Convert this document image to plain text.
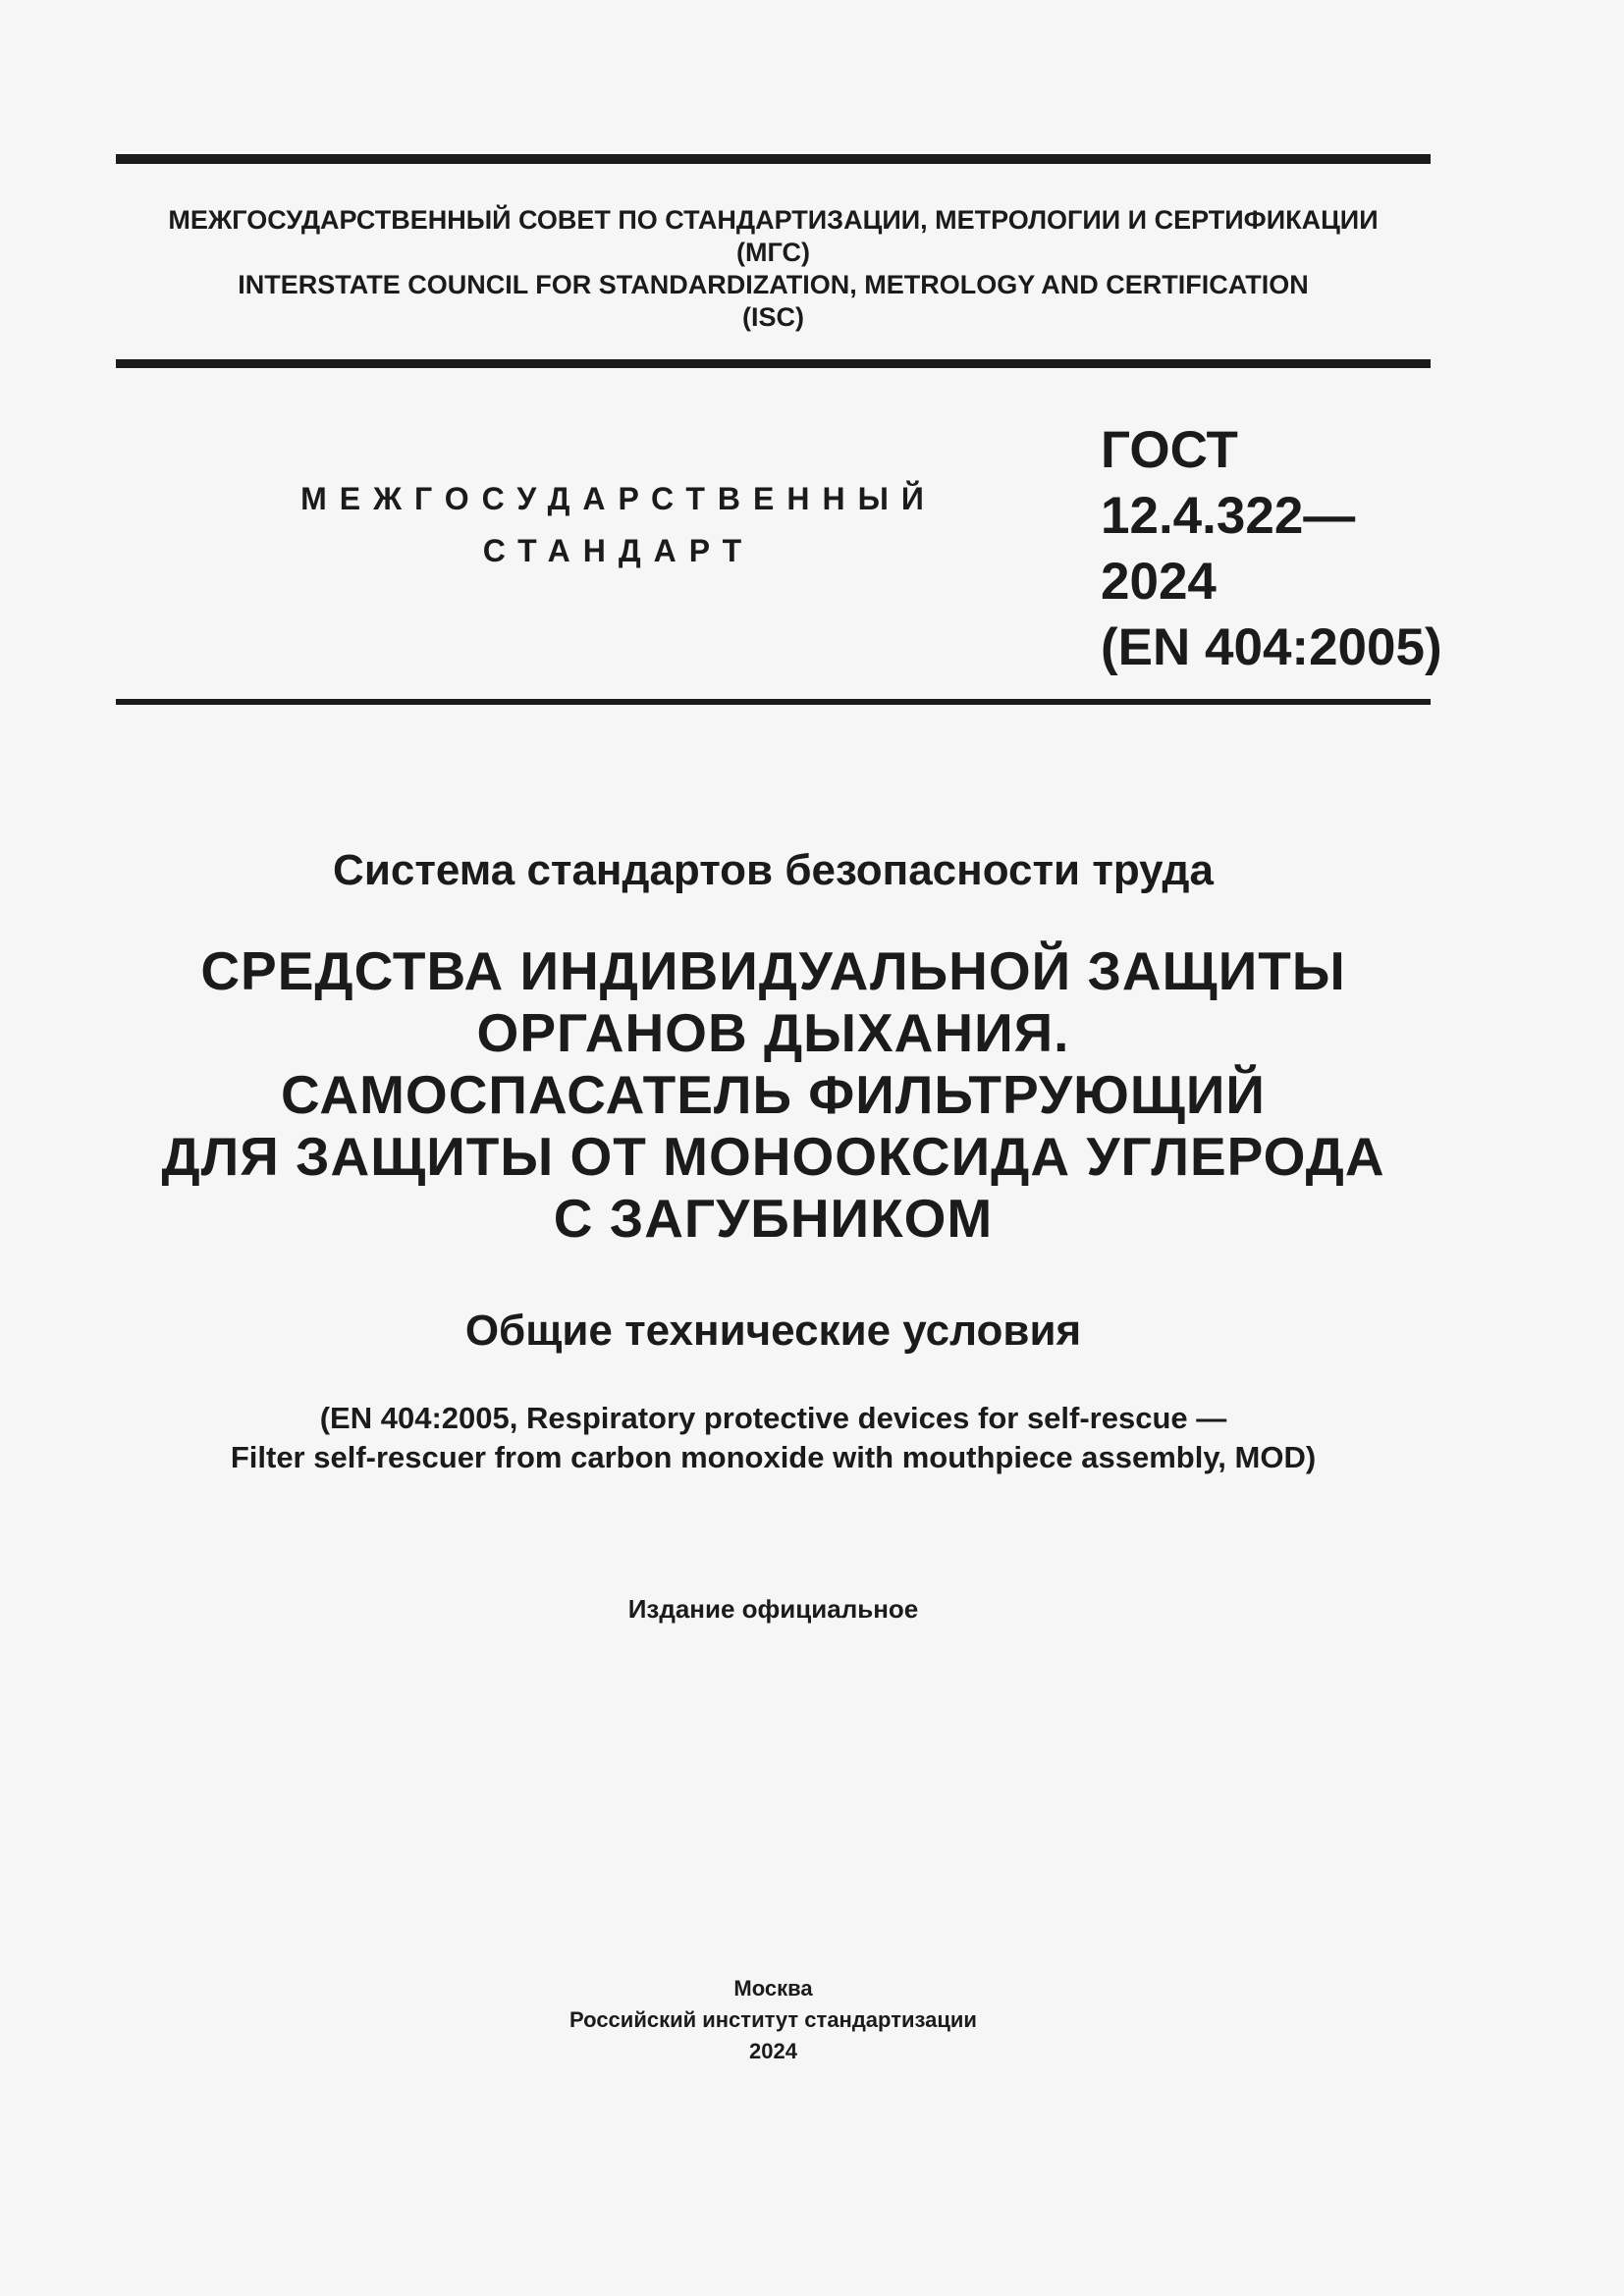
МЕЖГОСУДАРСТВЕННЫЙ СОВЕТ ПО СТАНДАРТИЗАЦИИ, МЕТРОЛОГИИ И СЕРТИФИКАЦИИ
(МГС)
INTERSTATE COUNCIL FOR STANDARDIZATION, METROLOGY AND CERTIFICATION
(ISC)
МЕЖГОСУДАРСТВЕННЫЙ
СТАНДАРТ
ГОСТ
12.4.322—
2024
(EN 404:2005)
Система стандартов безопасности труда
СРЕДСТВА ИНДИВИДУАЛЬНОЙ ЗАЩИТЫ
ОРГАНОВ ДЫХАНИЯ.
САМОСПАСАТЕЛЬ ФИЛЬТРУЮЩИЙ
ДЛЯ ЗАЩИТЫ ОТ МОНООКСИДА УГЛЕРОДА
С ЗАГУБНИКОМ
Общие технические условия
(EN 404:2005, Respiratory protective devices for self-rescue —
Filter self-rescuer from carbon monoxide with mouthpiece assembly, MOD)
Издание официальное
Москва
Российский институт стандартизации
2024
